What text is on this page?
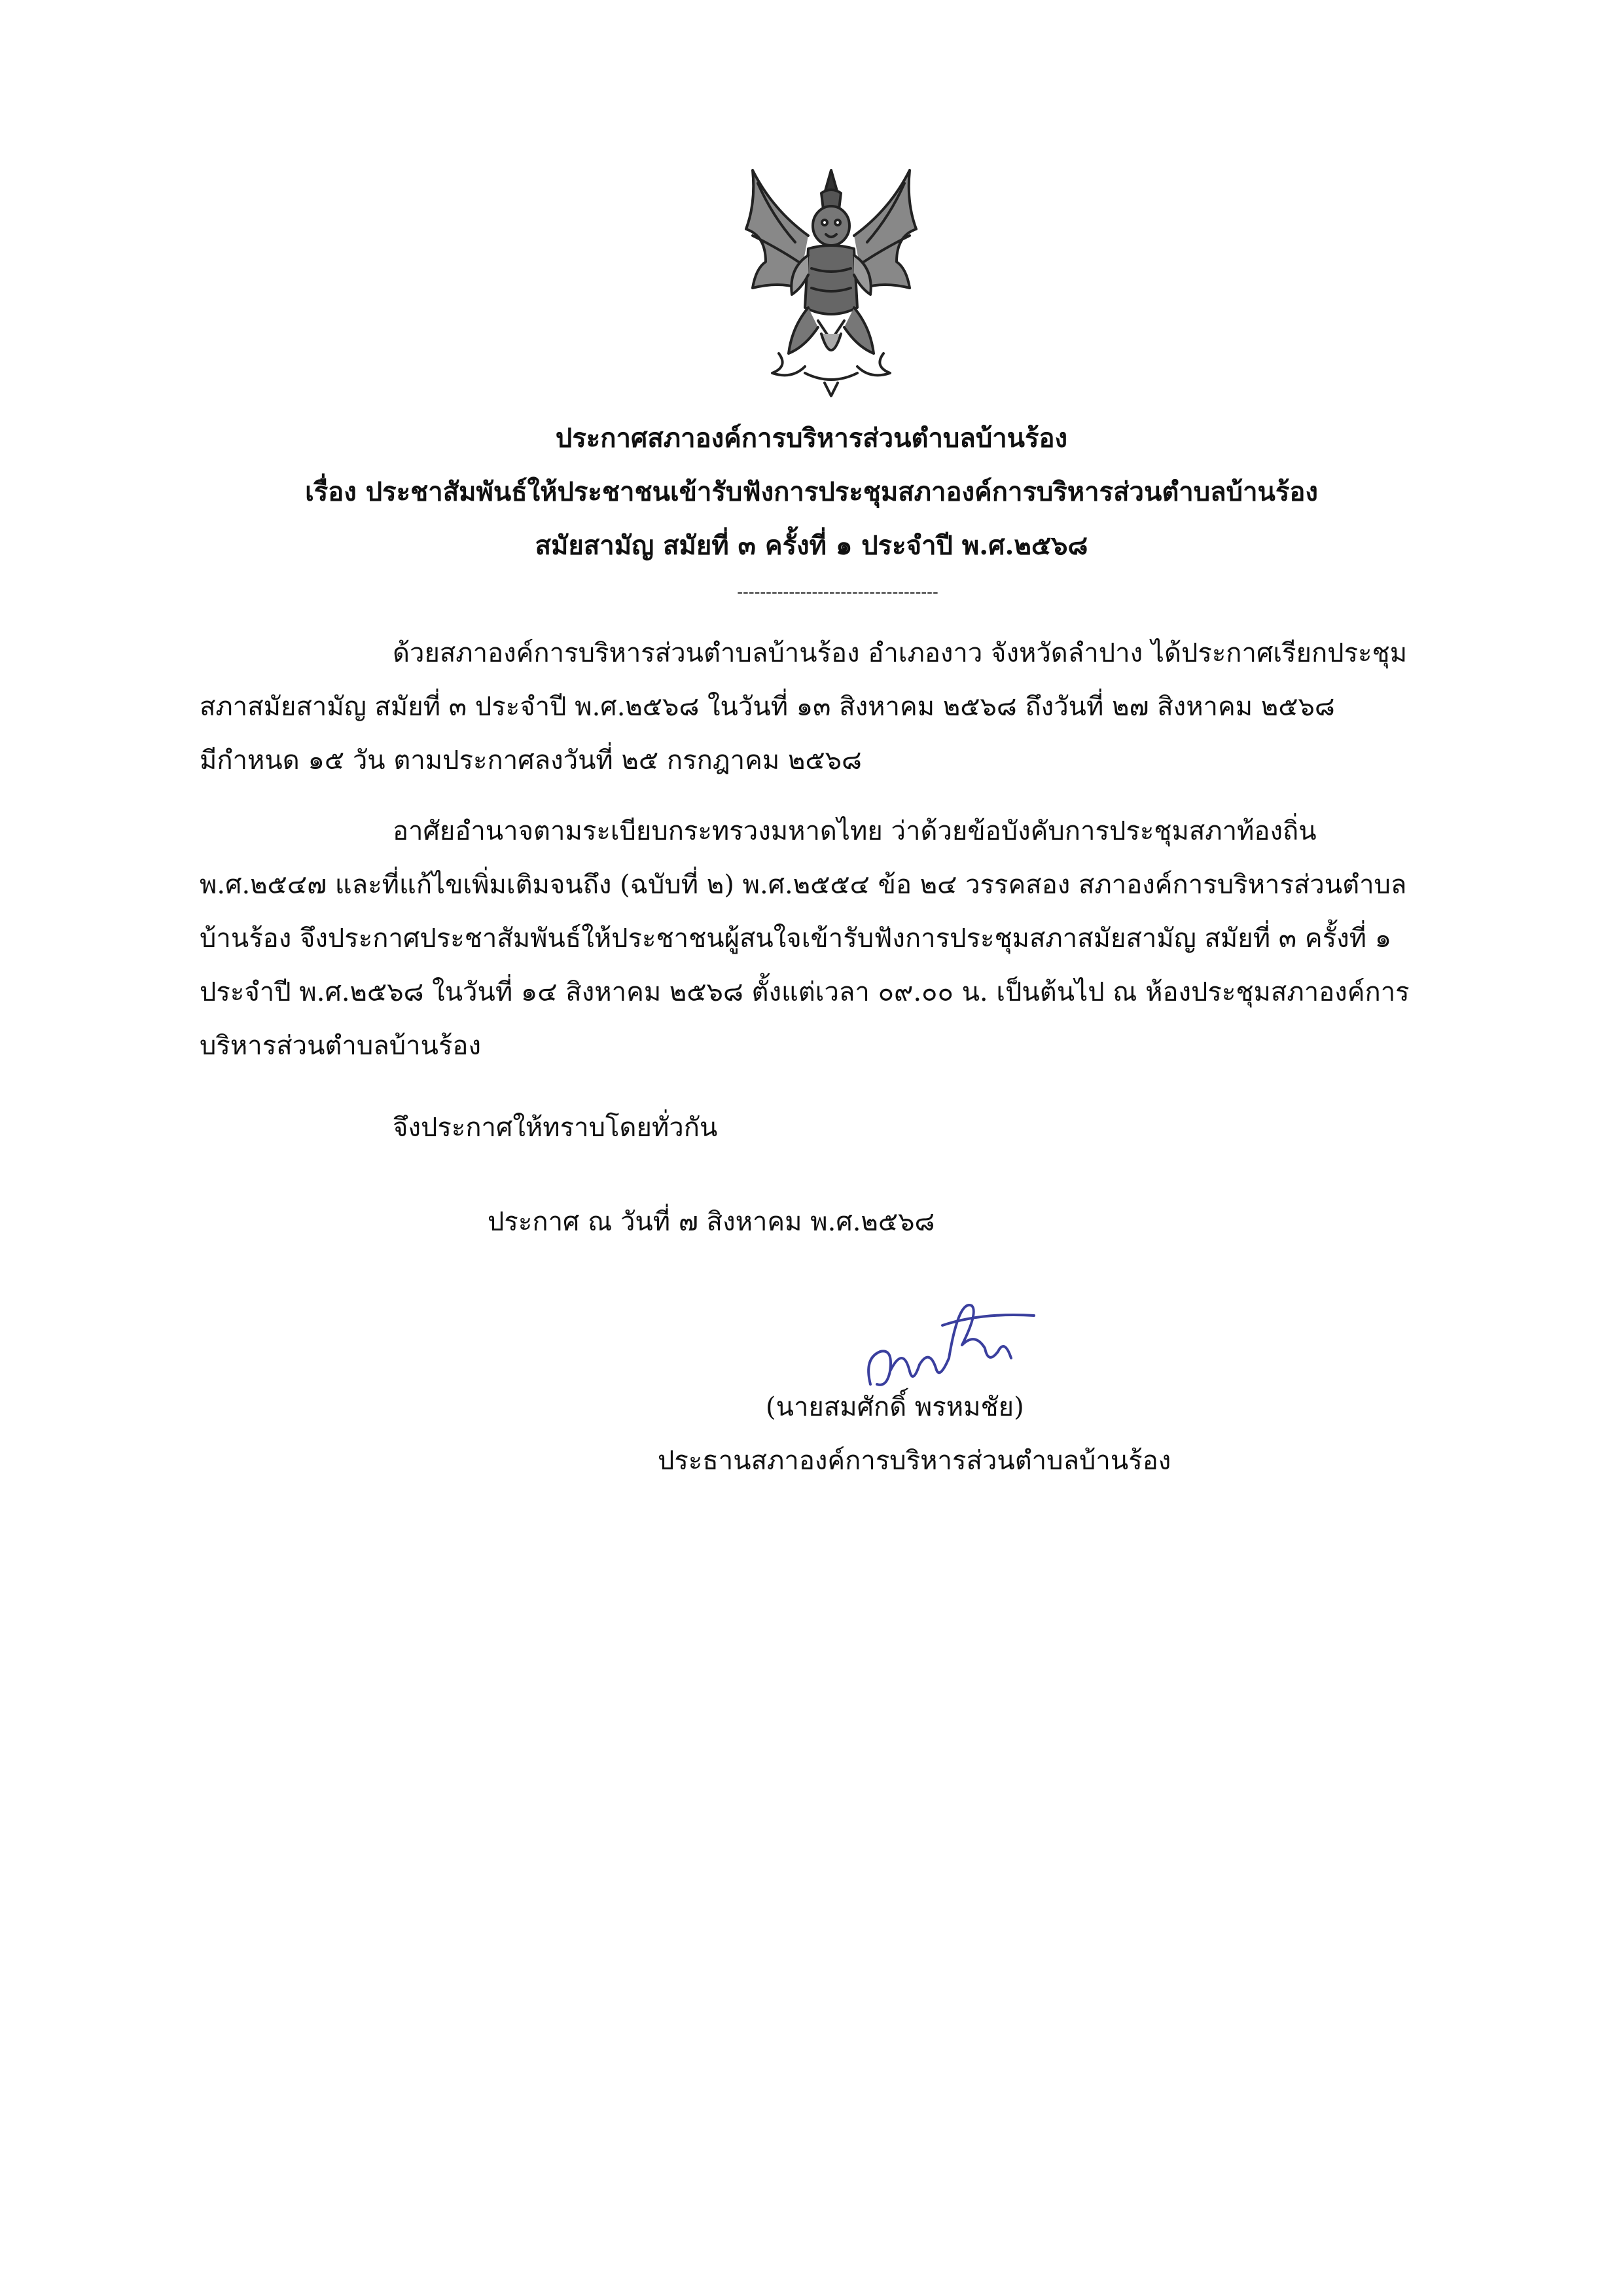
ประกาศสภาองค์การบริหารส่วนตำบลบ้านร้อง
เรื่อง ประชาสัมพันธ์ให้ประชาชนเข้ารับฟังการประชุมสภาองค์การบริหารส่วนตำบลบ้านร้อง
สมัยสามัญ สมัยที่ ๓ ครั้งที่ ๑ ประจำปี พ.ศ.๒๕๖๘
-----------------------------------
ด้วยสภาองค์การบริหารส่วนตำบลบ้านร้อง อำเภองาว จังหวัดลำปาง ได้ประกาศเรียกประชุม
สภาสมัยสามัญ สมัยที่ ๓ ประจำปี พ.ศ.๒๕๖๘ ในวันที่ ๑๓ สิงหาคม ๒๕๖๘ ถึงวันที่ ๒๗ สิงหาคม ๒๕๖๘
มีกำหนด ๑๕ วัน ตามประกาศลงวันที่ ๒๕ กรกฎาคม ๒๕๖๘
อาศัยอำนาจตามระเบียบกระทรวงมหาดไทย ว่าด้วยข้อบังคับการประชุมสภาท้องถิ่น
พ.ศ.๒๕๔๗ และที่แก้ไขเพิ่มเติมจนถึง (ฉบับที่ ๒) พ.ศ.๒๕๕๔ ข้อ ๒๔ วรรคสอง สภาองค์การบริหารส่วนตำบล
บ้านร้อง จึงประกาศประชาสัมพันธ์ให้ประชาชนผู้สนใจเข้ารับฟังการประชุมสภาสมัยสามัญ สมัยที่ ๓ ครั้งที่ ๑
ประจำปี พ.ศ.๒๕๖๘ ในวันที่ ๑๔ สิงหาคม ๒๕๖๘ ตั้งแต่เวลา ๐๙.๐๐ น. เป็นต้นไป ณ ห้องประชุมสภาองค์การ
บริหารส่วนตำบลบ้านร้อง
จึงประกาศให้ทราบโดยทั่วกัน
ประกาศ ณ วันที่ ๗ สิงหาคม พ.ศ.๒๕๖๘
(นายสมศักดิ์ พรหมชัย)
ประธานสภาองค์การบริหารส่วนตำบลบ้านร้อง
